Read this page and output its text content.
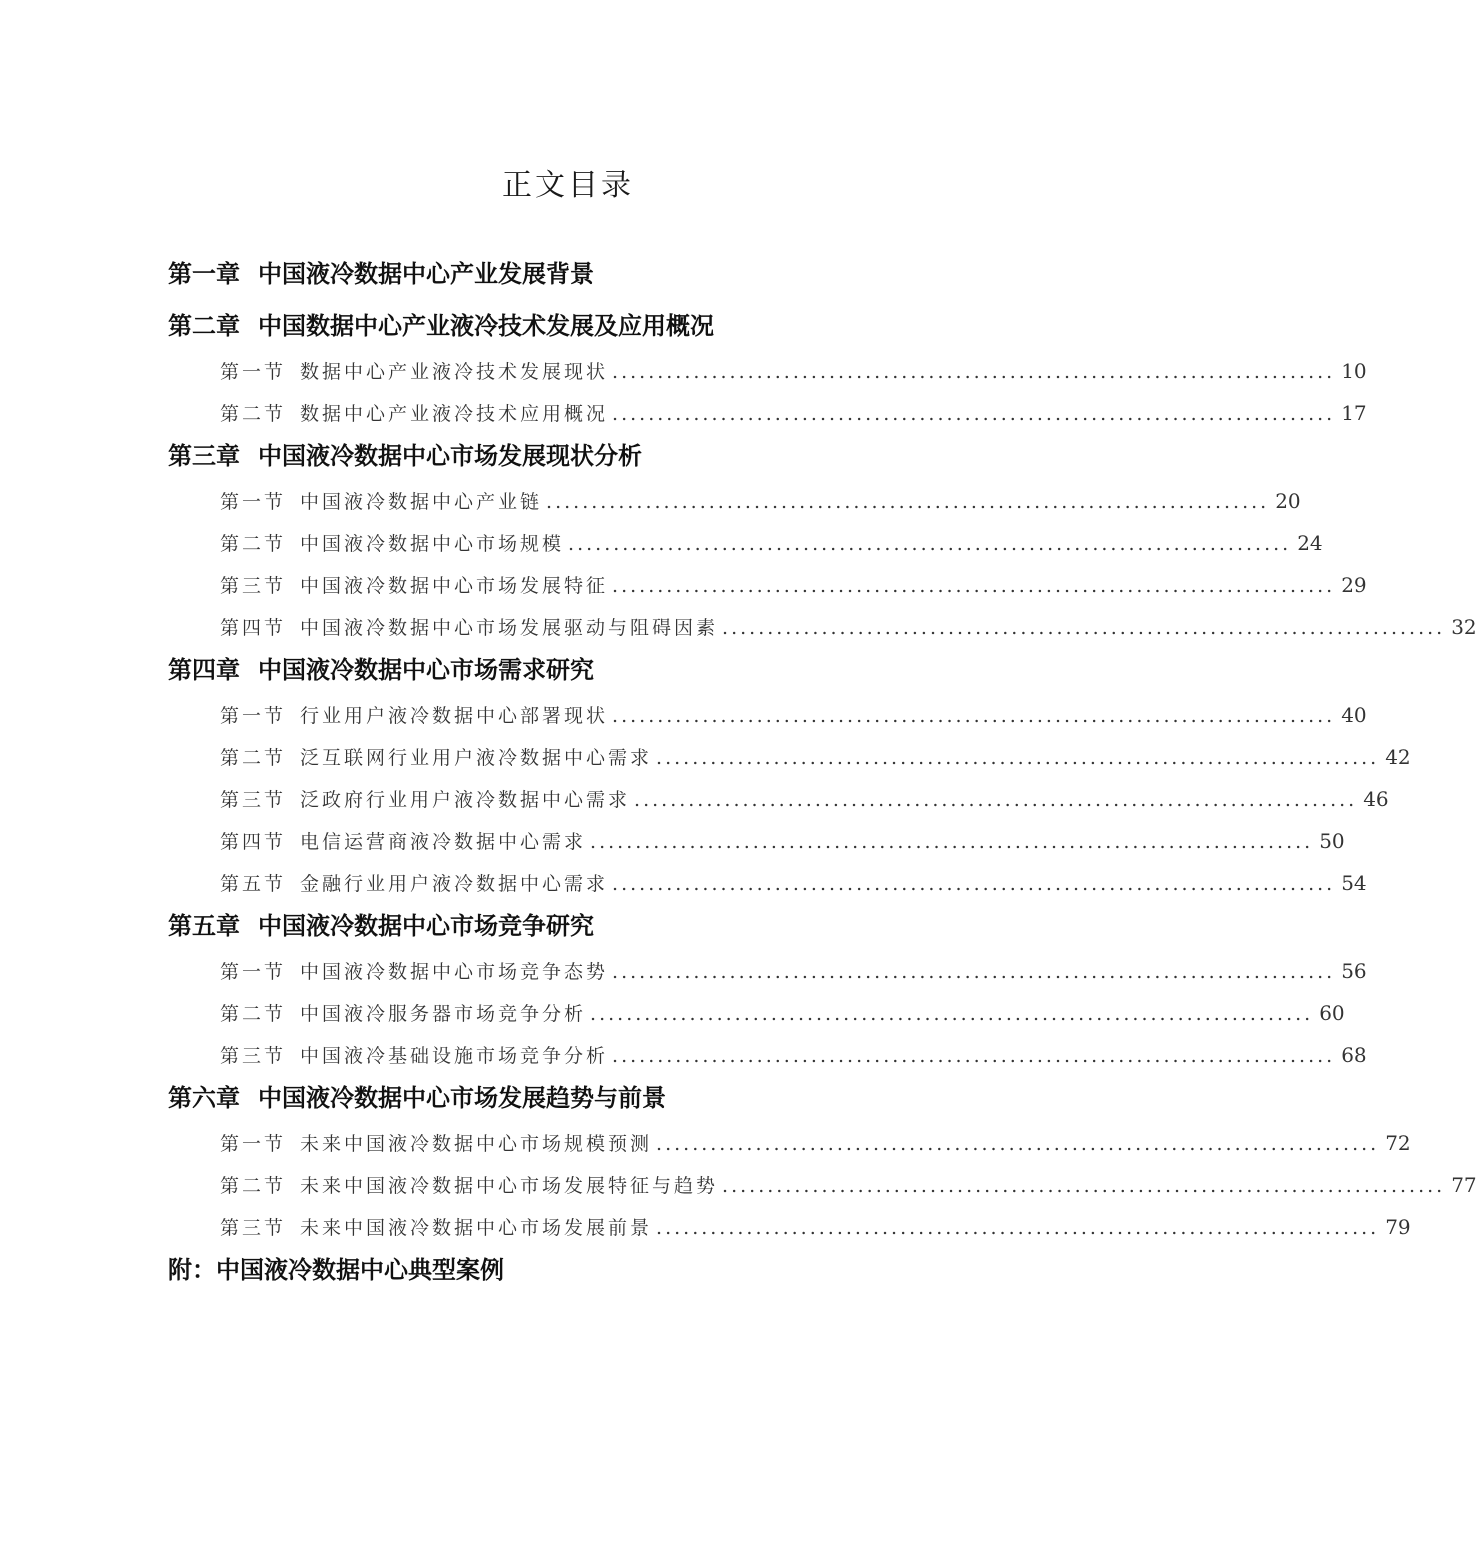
正文目录
第一章 中国液冷数据中心产业发展背景
第二章 中国数据中心产业液冷技术发展及应用概况
第一节 数据中心产业液冷技术发展现状 ................................................................................ 10
第二节 数据中心产业液冷技术应用概况 ................................................................................ 17
第三章 中国液冷数据中心市场发展现状分析
第一节 中国液冷数据中心产业链 ................................................................................ 20
第二节 中国液冷数据中心市场规模 ................................................................................ 24
第三节 中国液冷数据中心市场发展特征 ................................................................................ 29
第四节 中国液冷数据中心市场发展驱动与阻碍因素 ................................................................................ 32
第四章 中国液冷数据中心市场需求研究
第一节 行业用户液冷数据中心部署现状 ................................................................................ 40
第二节 泛互联网行业用户液冷数据中心需求 ................................................................................ 42
第三节 泛政府行业用户液冷数据中心需求 ................................................................................ 46
第四节 电信运营商液冷数据中心需求 ................................................................................ 50
第五节 金融行业用户液冷数据中心需求 ................................................................................ 54
第五章 中国液冷数据中心市场竞争研究
第一节 中国液冷数据中心市场竞争态势 ................................................................................ 56
第二节 中国液冷服务器市场竞争分析 ................................................................................ 60
第三节 中国液冷基础设施市场竞争分析 ................................................................................ 68
第六章 中国液冷数据中心市场发展趋势与前景
第一节 未来中国液冷数据中心市场规模预测 ................................................................................ 72
第二节 未来中国液冷数据中心市场发展特征与趋势 ................................................................................ 77
第三节 未来中国液冷数据中心市场发展前景 ................................................................................ 79
附：中国液冷数据中心典型案例
